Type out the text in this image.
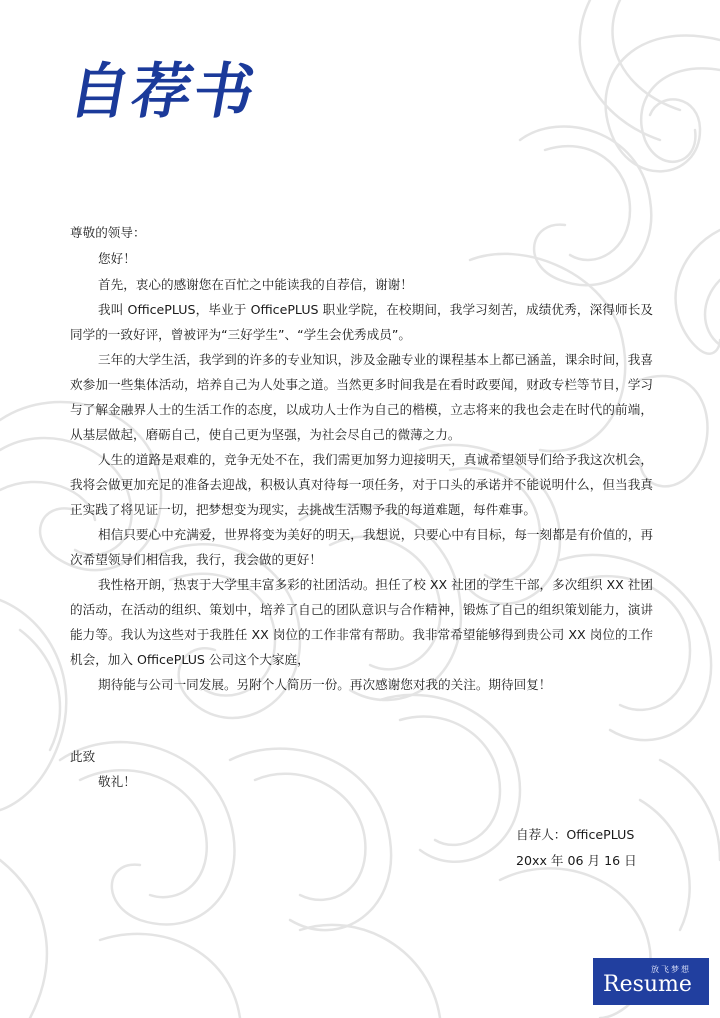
自荐书
尊敬的领导：
您好！

首先，衷心的感谢您在百忙之中能读我的自荐信，谢谢！

我叫 OfficePLUS，毕业于 OfficePLUS 职业学院，在校期间，我学习刻苦，成绩优秀，深得师长及同学的一致好评，曾被评为“三好学生”、“学生会优秀成员”。

三年的大学生活，我学到的许多的专业知识，涉及金融专业的课程基本上都已涵盖，课余时间，我喜欢参加一些集体活动，培养自己为人处事之道。当然更多时间我是在看时政要闻，财政专栏等节目，学习与了解金融界人士的生活工作的态度，以成功人士作为自己的楷模，立志将来的我也会走在时代的前端，从基层做起，磨砺自己，使自己更为坚强，为社会尽自己的微薄之力。

人生的道路是艰难的，竞争无处不在，我们需更加努力迎接明天，真诚希望领导们给予我这次机会，我将会做更加充足的准备去迎战，积极认真对待每一项任务，对于口头的承诺并不能说明什么，但当我真正实践了将见证一切，把梦想变为现实，去挑战生活赐予我的每道难题，每件难事。

相信只要心中充满爱，世界将变为美好的明天，我想说，只要心中有目标，每一刻都是有价值的，再次希望领导们相信我，我行，我会做的更好！

我性格开朗，热衷于大学里丰富多彩的社团活动。担任了校 XX 社团的学生干部，多次组织 XX 社团的活动，在活动的组织、策划中，培养了自己的团队意识与合作精神，锻炼了自己的组织策划能力，演讲能力等。我认为这些对于我胜任 XX 岗位的工作非常有帮助。我非常希望能够得到贵公司 XX 岗位的工作机会，加入 OfficePLUS 公司这个大家庭，

期待能与公司一同发展。另附个人简历一份。再次感谢您对我的关注。期待回复！

此致
敬礼！
自荐人：OfficePLUS
20xx 年 06 月 16 日
放飞梦想
Resume
